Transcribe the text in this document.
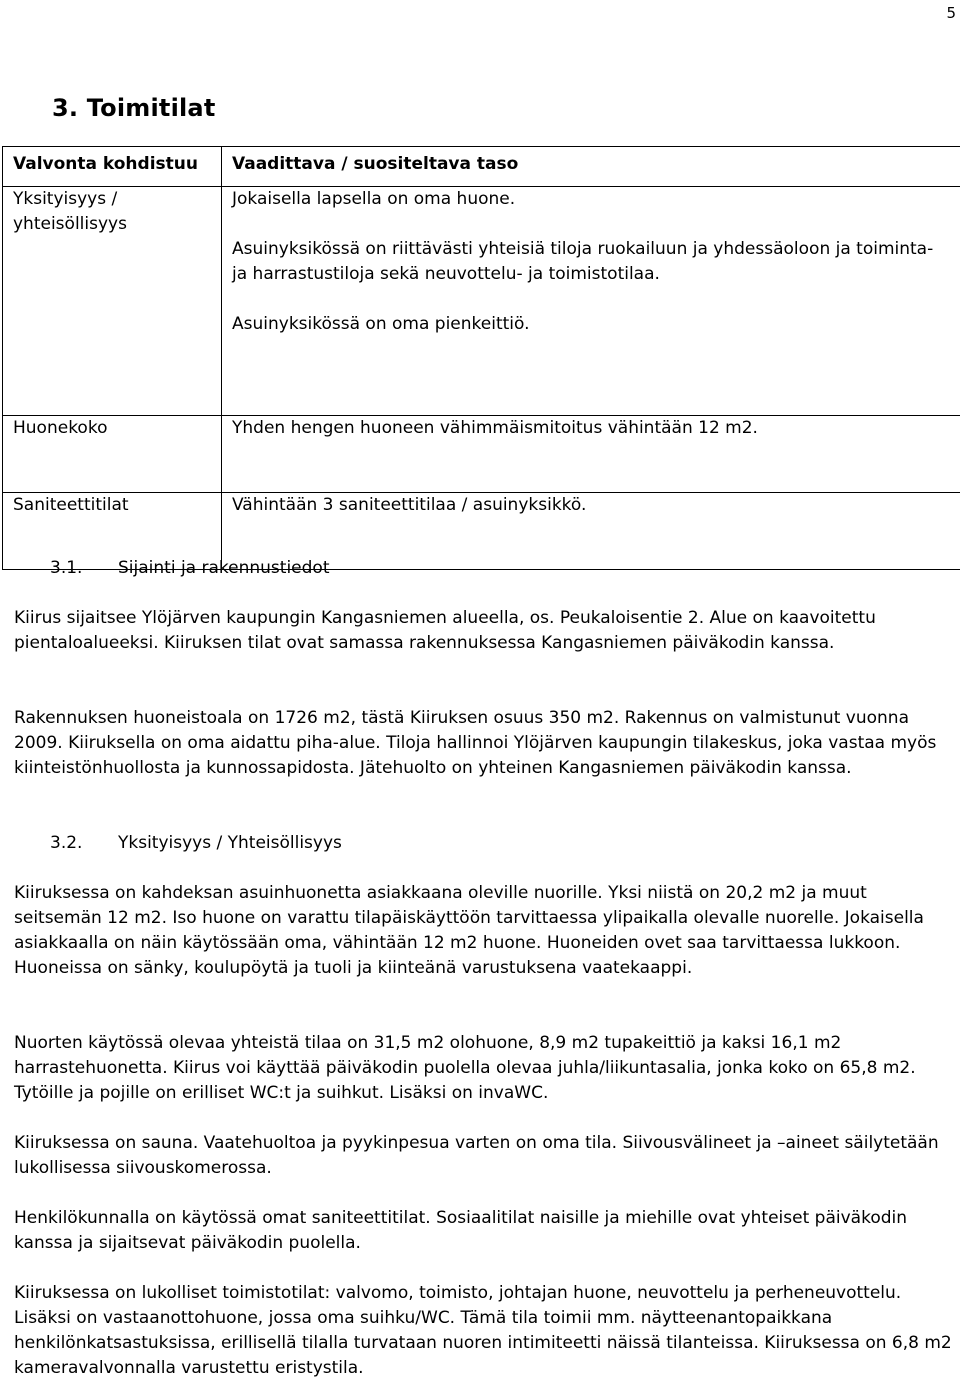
5
3. Toimitilat
Valvonta kohdistuu	Vaadittava / suositeltava taso
Yksityisyys / yhteisöllisyys	Jokaisella lapsella on oma huone.

Asuinyksikössä on riittävästi yhteisiä tiloja ruokailuun ja yhdessäoloon ja toiminta- ja harrastustiloja sekä neuvottelu- ja toimistotilaa.

Asuinyksikössä on oma pienkeittiö.

Huonekoko	Yhden hengen huoneen vähimmäismitoitus vähintään 12 m2.

Saniteettitilat	Vähintään 3 saniteettitilaa / asuinyksikkö.

3.1. Sijainti ja rakennustiedot

Kiirus sijaitsee Ylöjärven kaupungin Kangasniemen alueella, os. Peukaloisentie 2. Alue on kaavoitettu pientaloalueeksi. Kiiruksen tilat ovat samassa rakennuksessa Kangasniemen päiväkodin kanssa.

Rakennuksen huoneistoala on 1726 m2, tästä Kiiruksen osuus 350 m2. Rakennus on valmistunut vuonna 2009. Kiiruksella on oma aidattu piha-alue. Tiloja hallinnoi Ylöjärven kaupungin tilakeskus, joka vastaa myös kiinteistönhuollosta ja kunnossapidosta. Jätehuolto on yhteinen Kangasniemen päiväkodin kanssa.

3.2. Yksityisyys / Yhteisöllisyys

Kiiruksessa on kahdeksan asuinhuonetta asiakkaana oleville nuorille. Yksi niistä on 20,2 m2 ja muut seitsemän 12 m2. Iso huone on varattu tilapäiskäyttöön tarvittaessa ylipaikalla olevalle nuorelle. Jokaisella asiakkaalla on näin käytössään oma, vähintään 12 m2 huone. Huoneiden ovet saa tarvittaessa lukkoon. Huoneissa on sänky, koulupöytä ja tuoli ja kiinteänä varustuksena vaatekaappi.

Nuorten käytössä olevaa yhteistä tilaa on 31,5 m2 olohuone, 8,9 m2 tupakeittiö ja kaksi 16,1 m2 harrastehuonetta. Kiirus voi käyttää päiväkodin puolella olevaa juhla/liikuntasalia, jonka koko on 65,8 m2. Tytöille ja pojille on erilliset WC:t ja suihkut. Lisäksi on invaWC.

Kiiruksessa on sauna. Vaatehuoltoa ja pyykinpesua varten on oma tila. Siivousvälineet ja –aineet säilytetään lukollisessa siivouskomerossa.

Henkilökunnalla on käytössä omat saniteettitilat. Sosiaalitilat naisille ja miehille ovat yhteiset päiväkodin kanssa ja sijaitsevat päiväkodin puolella.

Kiiruksessa on lukolliset toimistotilat: valvomo, toimisto, johtajan huone, neuvottelu ja perheneuvottelu. Lisäksi on vastaanottohuone, jossa oma suihku/WC. Tämä tila toimii mm. näytteenantopaikkana henkilönkatsastuksissa, erillisellä tilalla turvataan nuoren intimiteetti näissä tilanteissa. Kiiruksessa on 6,8 m2 kameravalvonnalla varustettu eristystila.
